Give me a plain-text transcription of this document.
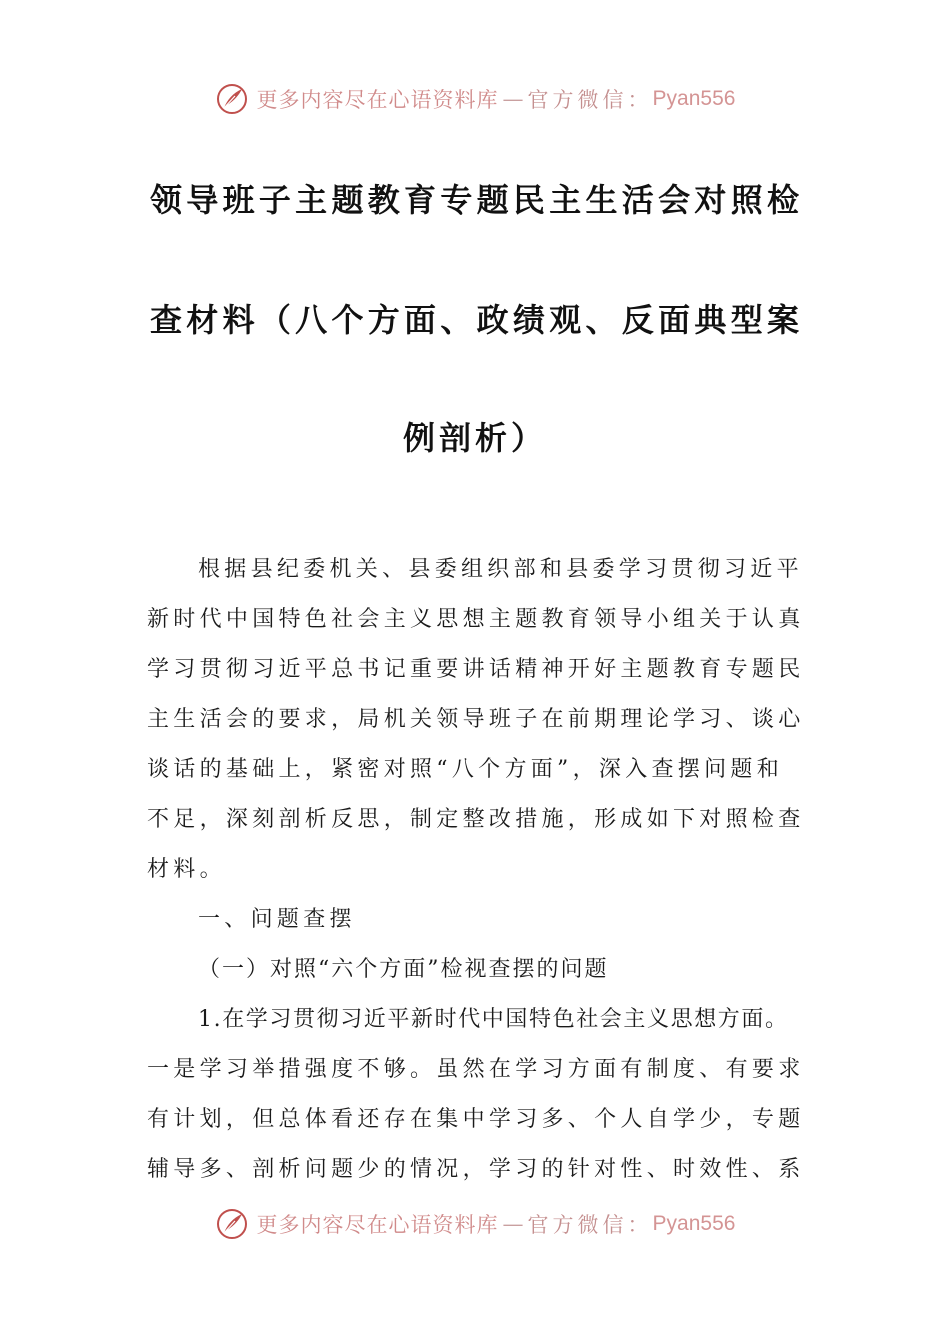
更多内容尽在心语资料库 — 官方微信： Pyan556
领导班子主题教育专题民主生活会对照检
查材料（八个方面、政绩观、反面典型案
例剖析）
根据县纪委机关、县委组织部和县委学习贯彻习近平
新时代中国特色社会主义思想主题教育领导小组关于认真
学习贯彻习近平总书记重要讲话精神开好主题教育专题民
主生活会的要求，局机关领导班子在前期理论学习、谈心
谈话的基础上，紧密对照“八个方面”，深入查摆问题和
不足，深刻剖析反思，制定整改措施，形成如下对照检查
材料。
一、问题查摆
（一）对照“六个方面”检视查摆的问题
1.在学习贯彻习近平新时代中国特色社会主义思想方面。
一是学习举措强度不够。虽然在学习方面有制度、有要求
有计划，但总体看还存在集中学习多、个人自学少，专题
辅导多、剖析问题少的情况，学习的针对性、时效性、系
更多内容尽在心语资料库 — 官方微信： Pyan556
